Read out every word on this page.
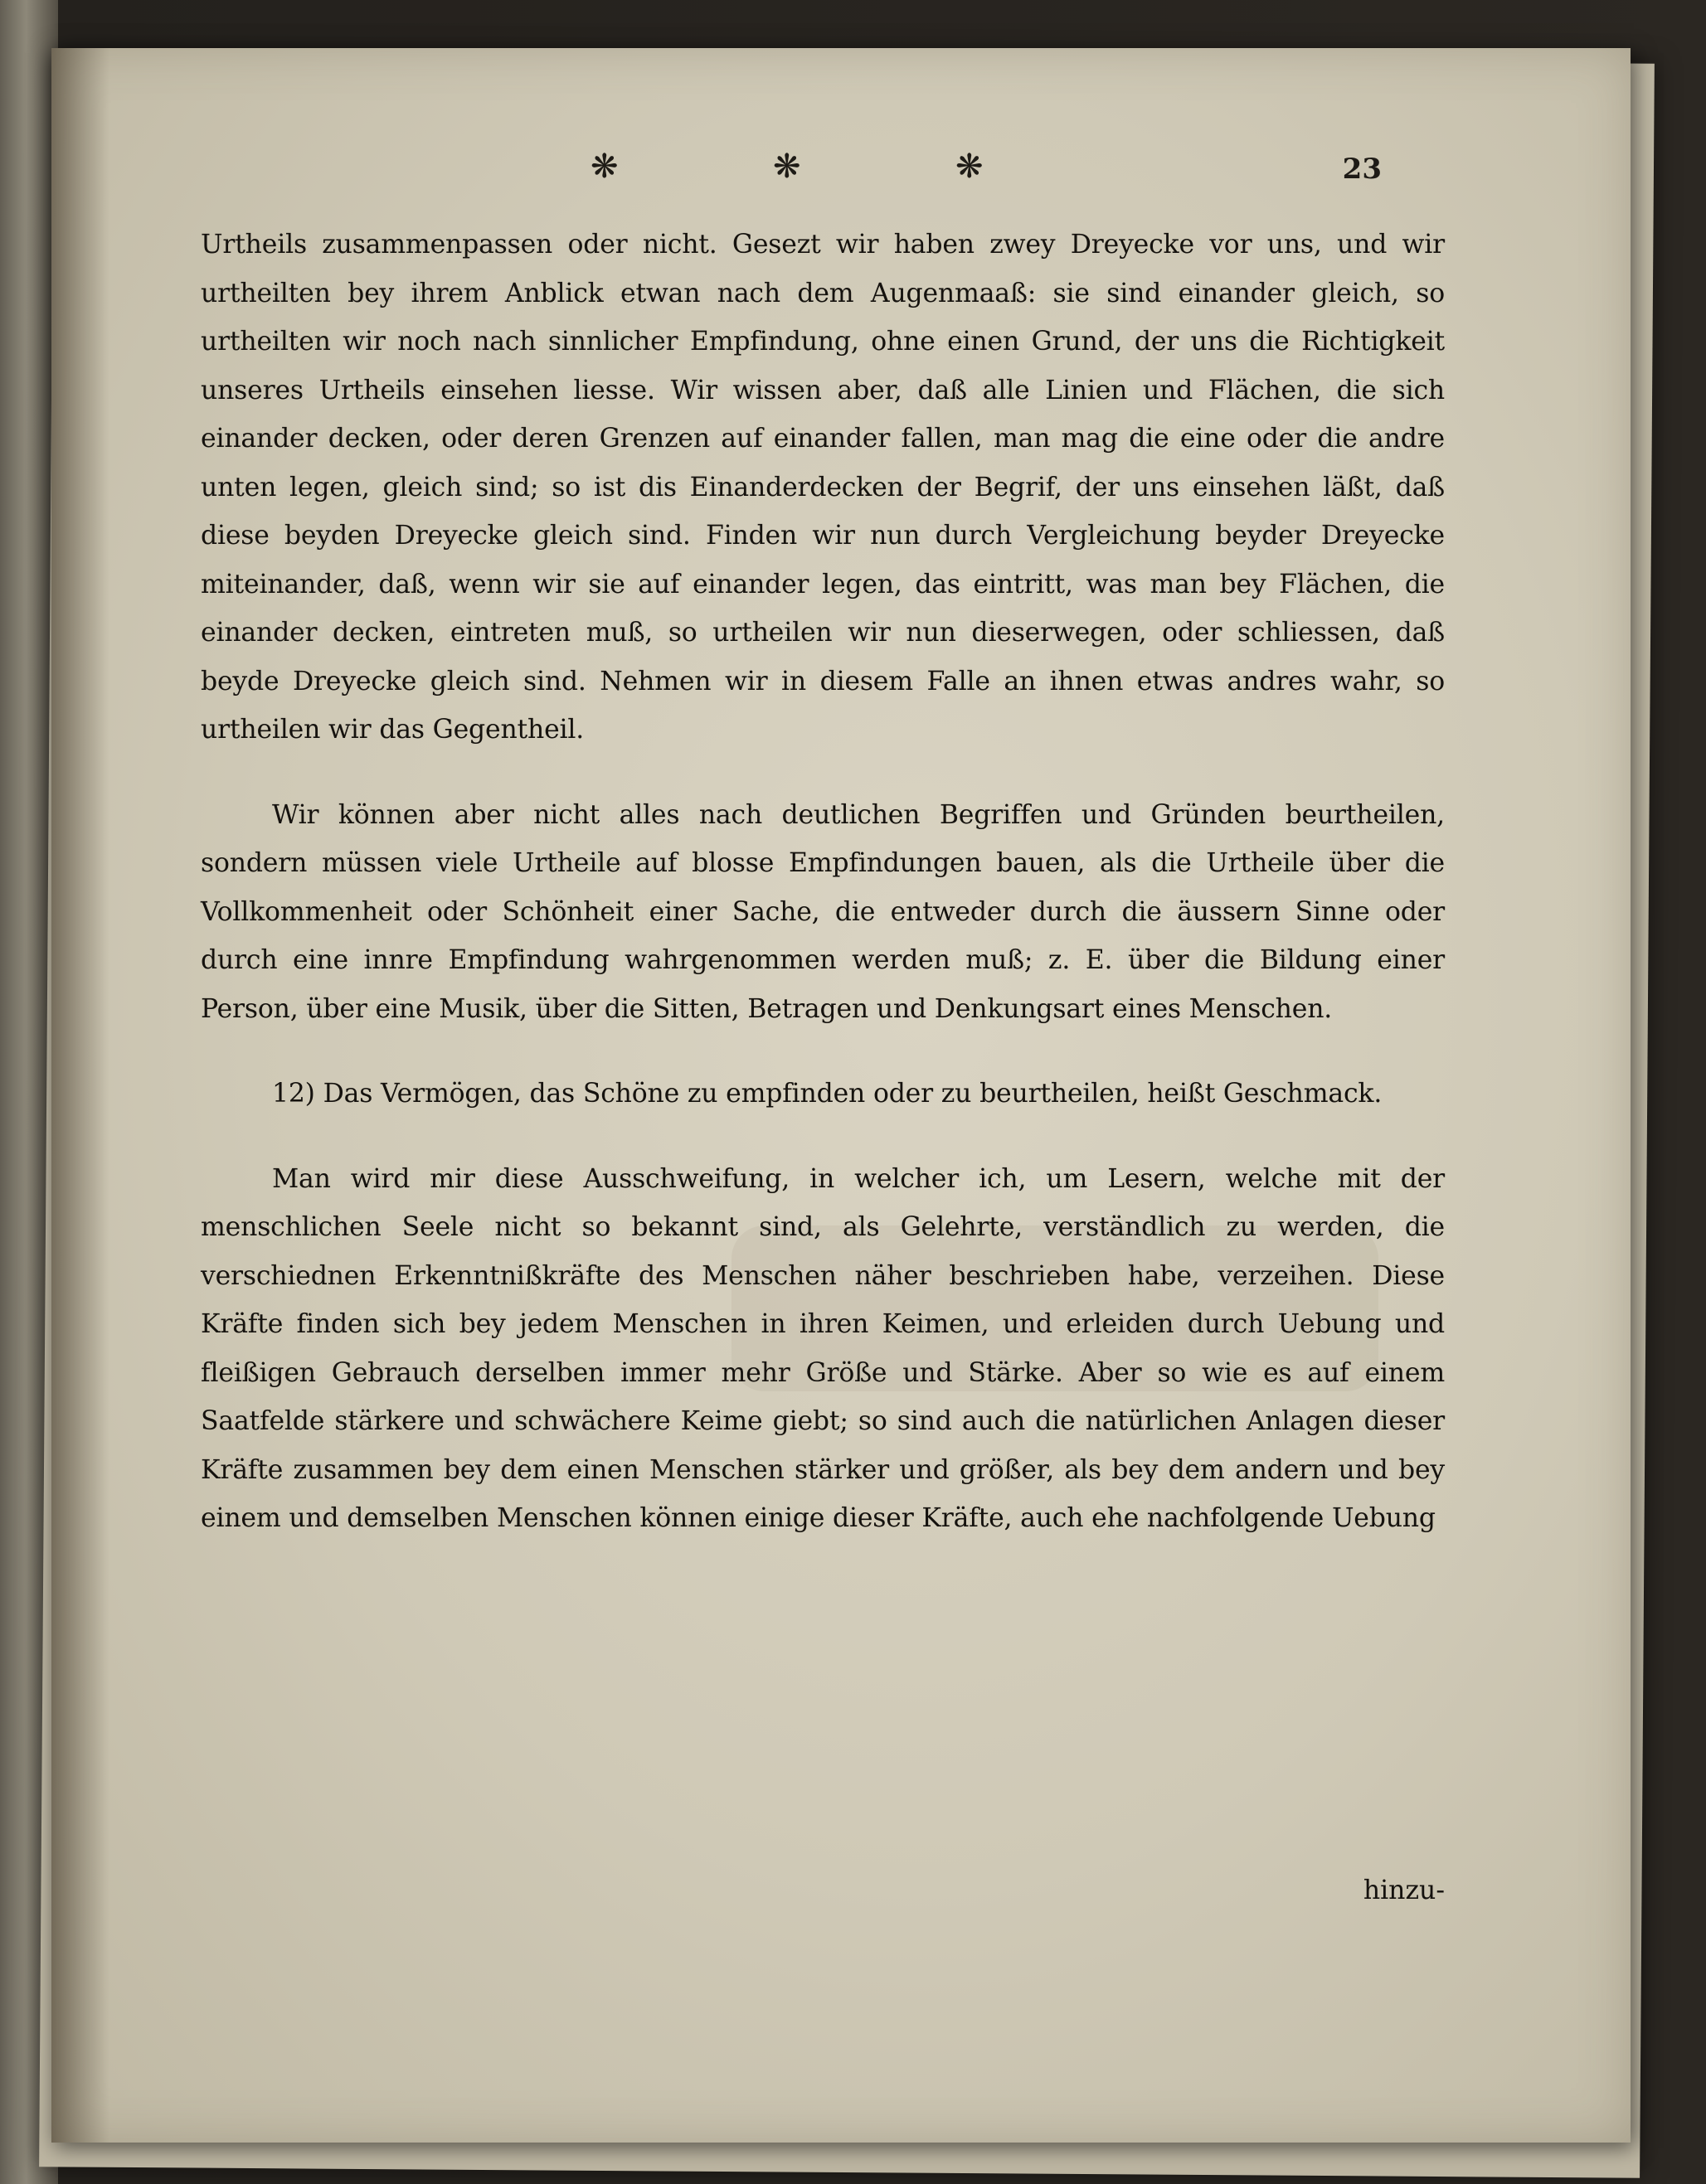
❋	❋	❋	23

Urtheils zusammenpassen oder nicht. Gesezt wir haben zwey Dreyecke vor uns, und wir urtheilten bey ihrem Anblick etwan nach dem Augenmaaß: sie sind einander gleich, so urtheilten wir noch nach sinnlicher Empfindung, ohne einen Grund, der uns die Richtigkeit unseres Urtheils einsehen liesse. Wir wissen aber, daß alle Linien und Flächen, die sich einander decken, oder deren Grenzen auf einander fallen, man mag die eine oder die andre unten legen, gleich sind; so ist dis Einanderdecken der Begrif, der uns einsehen läßt, daß diese beyden Dreyecke gleich sind. Finden wir nun durch Vergleichung beyder Dreyecke miteinander, daß, wenn wir sie auf einander legen, das eintritt, was man bey Flächen, die einander decken, eintreten muß, so urtheilen wir nun dieserwegen, oder schliessen, daß beyde Dreyecke gleich sind. Nehmen wir in diesem Falle an ihnen etwas andres wahr, so urtheilen wir das Gegentheil.

Wir können aber nicht alles nach deutlichen Begriffen und Gründen beurtheilen, sondern müssen viele Urtheile auf blosse Empfindungen bauen, als die Urtheile über die Vollkommenheit oder Schönheit einer Sache, die entweder durch die äussern Sinne oder durch eine innre Empfindung wahrgenommen werden muß; z. E. über die Bildung einer Person, über eine Musik, über die Sitten, Betragen und Denkungsart eines Menschen.

12) Das Vermögen, das Schöne zu empfinden oder zu beurtheilen, heißt Geschmack.

Man wird mir diese Ausschweifung, in welcher ich, um Lesern, welche mit der menschlichen Seele nicht so bekannt sind, als Gelehrte, verständlich zu werden, die verschiednen Erkenntnißkräfte des Menschen näher beschrieben habe, verzeihen. Diese Kräfte finden sich bey jedem Menschen in ihren Keimen, und erleiden durch Uebung und fleißigen Gebrauch derselben immer mehr Größe und Stärke. Aber so wie es auf einem Saatfelde stärkere und schwächere Keime giebt; so sind auch die natürlichen Anlagen dieser Kräfte zusammen bey dem einen Menschen stärker und größer, als bey dem andern und bey einem und demselben Menschen können einige dieser Kräfte, auch ehe nachfolgende Uebung

hinzu-
